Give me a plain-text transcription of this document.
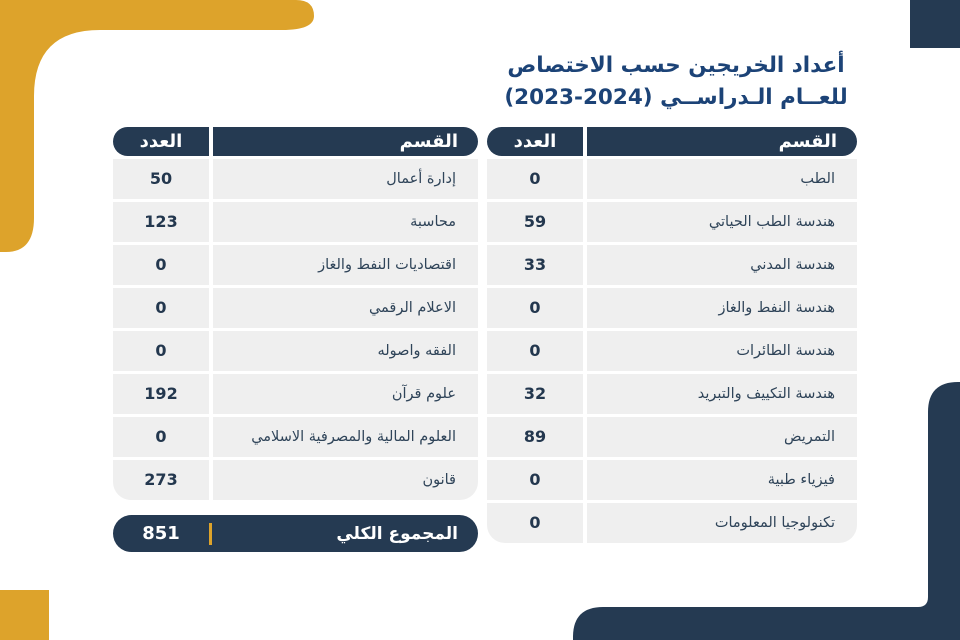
أعداد الخريجين حسب الاختصاص
للعــام الـدراســي (2024-2023)
العدد	القسم
0	الطب
59	هندسة الطب الحياتي
33	هندسة المدني
0	هندسة النفط والغاز
0	هندسة الطائرات
32	هندسة التكييف والتبريد
89	التمريض
0	فيزياء طبية
0	تكنولوجيا المعلومات
العدد	القسم
50	إدارة أعمال
123	محاسبة
0	اقتصاديات النفط والغاز
0	الاعلام الرقمي
0	الفقه واصوله
192	علوم قرآن
0	العلوم المالية والمصرفية الاسلامي
273	قانون
851	المجموع الكلي
